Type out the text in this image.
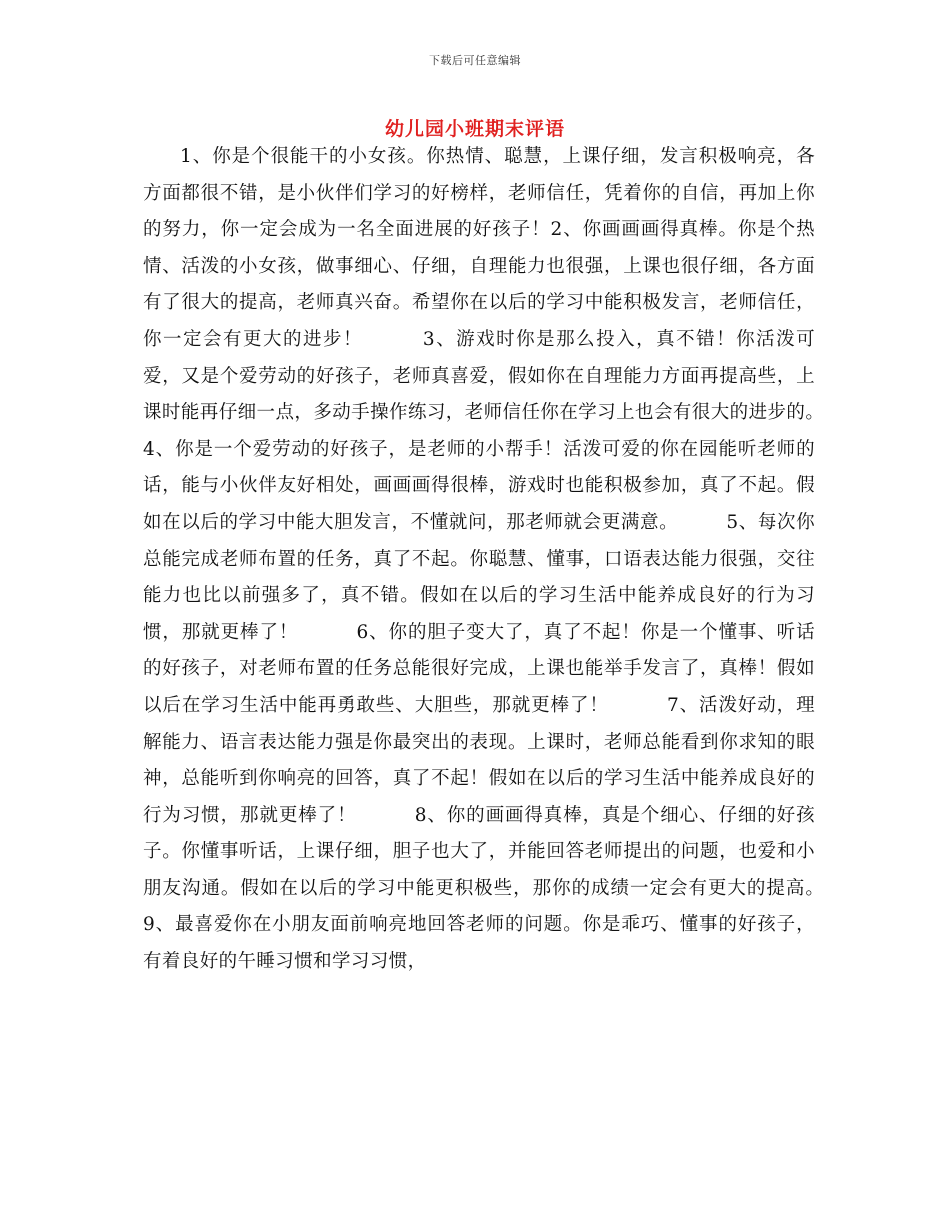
下载后可任意编辑
幼儿园小班期末评语

1、你是个很能干的小女孩。你热情、聪慧，上课仔细，发言积极响亮，各方面都很不错，是小伙伴们学习的好榜样，老师信任，凭着你的自信，再加上你的努力，你一定会成为一名全面进展的好孩子！2、你画画画得真棒。你是个热情、活泼的小女孩，做事细心、仔细，自理能力也很强，上课也很仔细，各方面有了很大的提高，老师真兴奋。希望你在以后的学习中能积极发言，老师信任，你一定会有更大的进步！　　　3、游戏时你是那么投入，真不错！你活泼可爱，又是个爱劳动的好孩子，老师真喜爱，假如你在自理能力方面再提高些，上课时能再仔细一点，多动手操作练习，老师信任你在学习上也会有很大的进步的。　　　4、你是一个爱劳动的好孩子，是老师的小帮手！活泼可爱的你在园能听老师的话，能与小伙伴友好相处，画画画得很棒，游戏时也能积极参加，真了不起。假如在以后的学习中能大胆发言，不懂就问，那老师就会更满意。　　　5、每次你总能完成老师布置的任务，真了不起。你聪慧、懂事，口语表达能力很强，交往能力也比以前强多了，真不错。假如在以后的学习生活中能养成良好的行为习惯，那就更棒了！　　　6、你的胆子变大了，真了不起！你是一个懂事、听话的好孩子，对老师布置的任务总能很好完成，上课也能举手发言了，真棒！假如以后在学习生活中能再勇敢些、大胆些，那就更棒了！　　　7、活泼好动，理解能力、语言表达能力强是你最突出的表现。上课时，老师总能看到你求知的眼神，总能听到你响亮的回答，真了不起！假如在以后的学习生活中能养成良好的行为习惯，那就更棒了！　　　8、你的画画得真棒，真是个细心、仔细的好孩子。你懂事听话，上课仔细，胆子也大了，并能回答老师提出的问题，也爱和小朋友沟通。假如在以后的学习中能更积极些，那你的成绩一定会有更大的提高。　　　9、最喜爱你在小朋友面前响亮地回答老师的问题。你是乖巧、懂事的好孩子，有着良好的午睡习惯和学习习惯，
